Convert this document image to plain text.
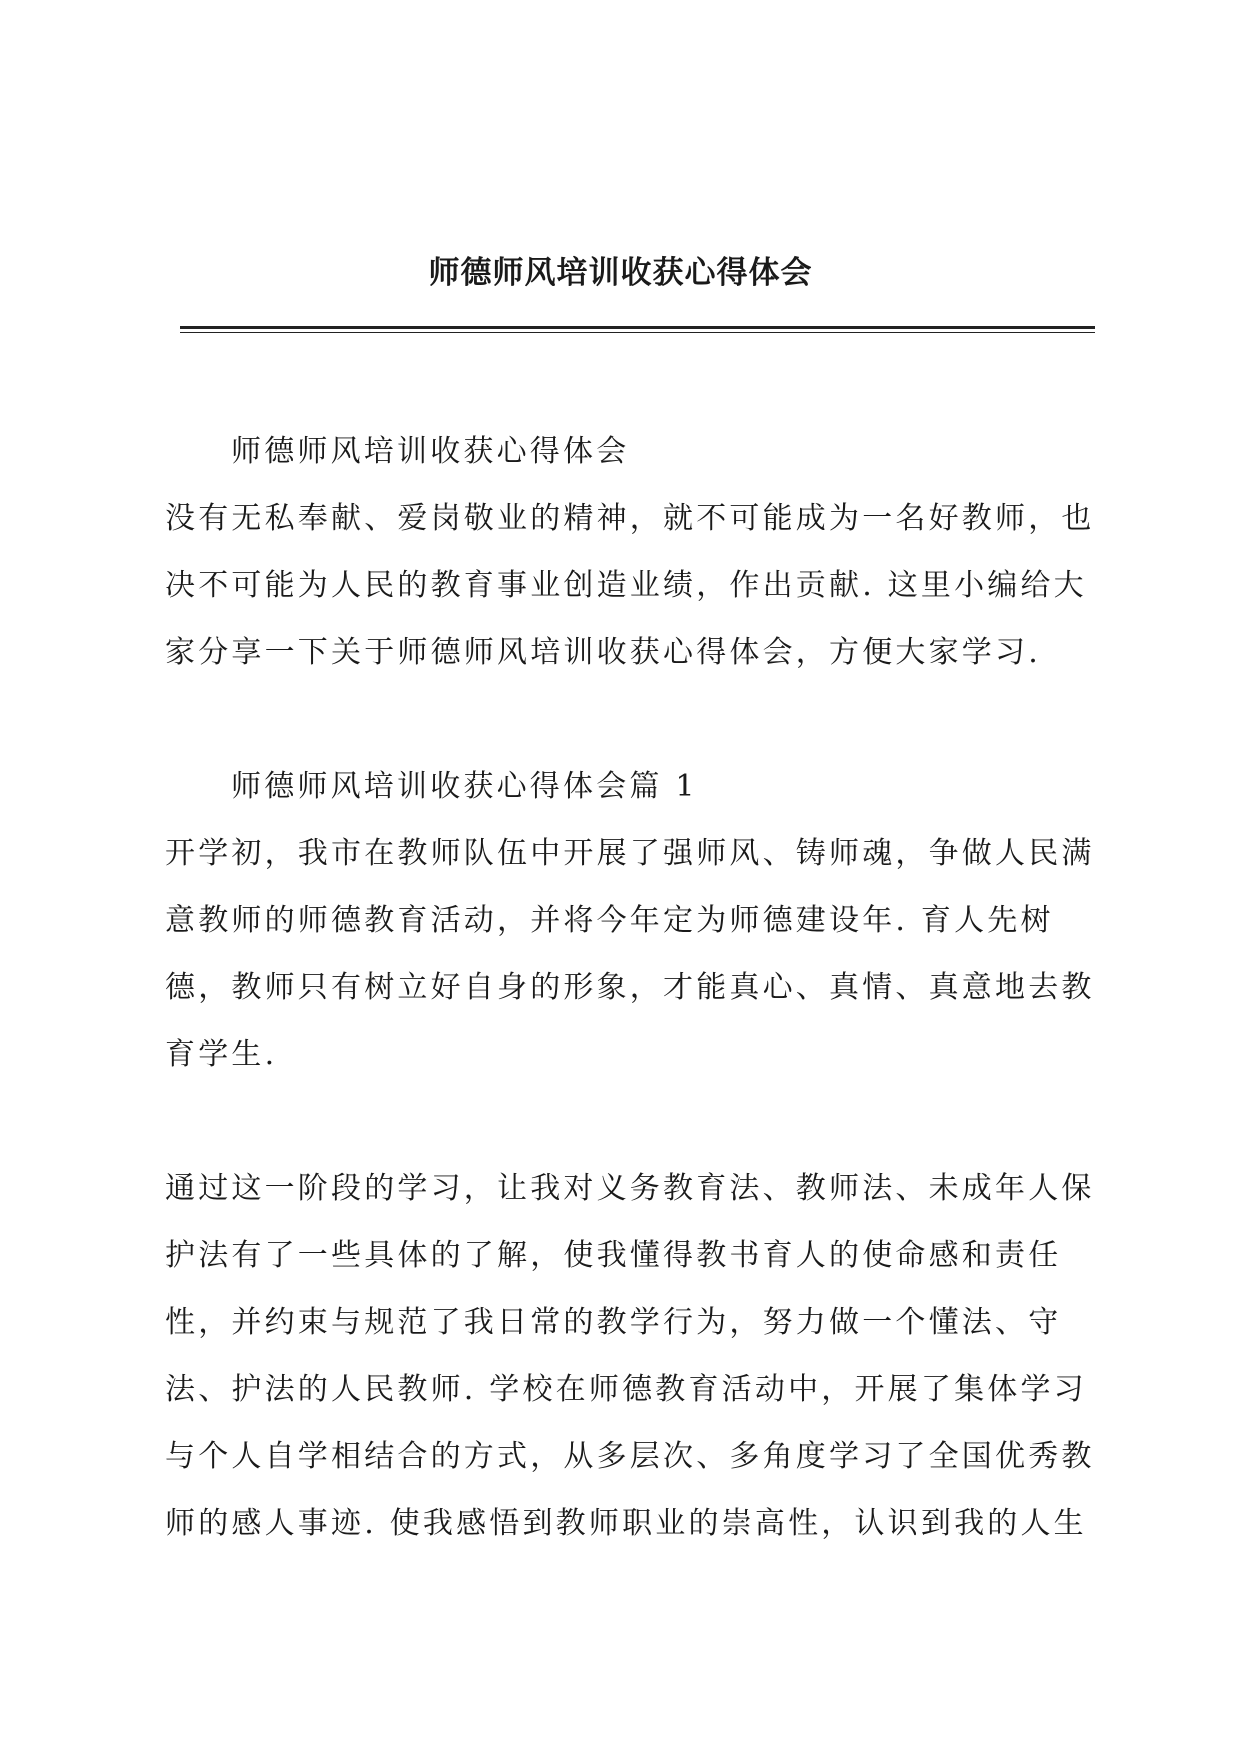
师德师风培训收获心得体会

师德师风培训收获心得体会

没有无私奉献、爱岗敬业的精神，就不可能成为一名好教师，也

决不可能为人民的教育事业创造业绩，作出贡献. 这里小编给大

家分享一下关于师德师风培训收获心得体会，方便大家学习.

师德师风培训收获心得体会篇 1

开学初，我市在教师队伍中开展了强师风、铸师魂，争做人民满

意教师的师德教育活动，并将今年定为师德建设年. 育人先树

德，教师只有树立好自身的形象，才能真心、真情、真意地去教

育学生.

通过这一阶段的学习，让我对义务教育法、教师法、未成年人保

护法有了一些具体的了解，使我懂得教书育人的使命感和责任

性，并约束与规范了我日常的教学行为，努力做一个懂法、守

法、护法的人民教师. 学校在师德教育活动中，开展了集体学习

与个人自学相结合的方式，从多层次、多角度学习了全国优秀教

师的感人事迹. 使我感悟到教师职业的崇高性，认识到我的人生
